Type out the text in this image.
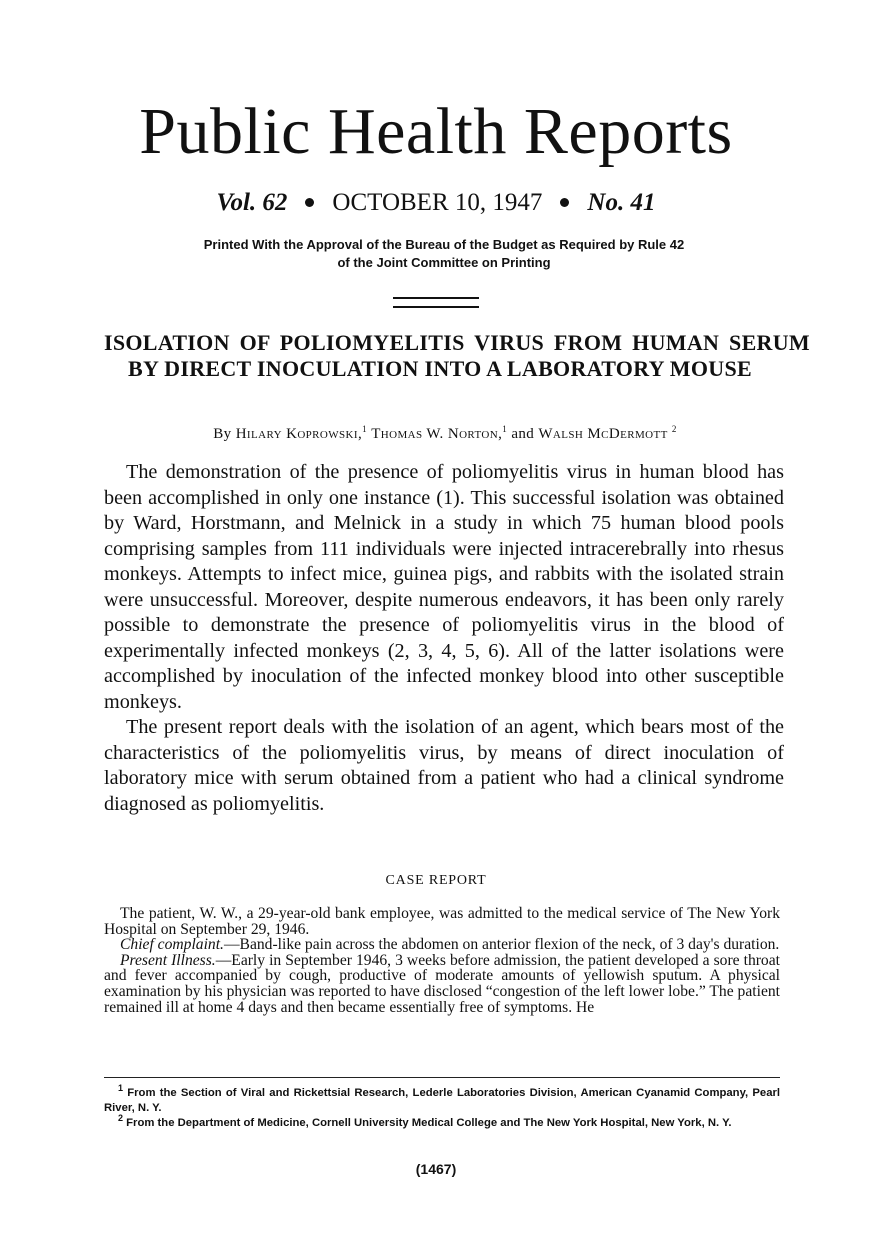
Public Health Reports
Vol. 62 OCTOBER 10, 1947 No. 41
Printed With the Approval of the Bureau of the Budget as Required by Rule 42
of the Joint Committee on Printing
ISOLATION OF POLIOMYELITIS VIRUS FROM HUMAN SERUM BY DIRECT INOCULATION INTO A LABORATORY MOUSE
By Hilary Koprowski,$^1$ Thomas W. Norton,$^1$ and Walsh McDermott $^2$

The demonstration of the presence of poliomyelitis virus in human blood has been accomplished in only one instance (1). This successful isolation was obtained by Ward, Horstmann, and Melnick in a study in which 75 human blood pools comprising samples from 111 individuals were injected intracerebrally into rhesus monkeys. Attempts to infect mice, guinea pigs, and rabbits with the isolated strain were unsuccessful. Moreover, despite numerous endeavors, it has been only rarely possible to demonstrate the presence of poliomyelitis virus in the blood of experimentally infected monkeys (2, 3, 4, 5, 6). All of the latter isolations were accomplished by inoculation of the infected monkey blood into other susceptible monkeys.

The present report deals with the isolation of an agent, which bears most of the characteristics of the poliomyelitis virus, by means of direct inoculation of laboratory mice with serum obtained from a patient who had a clinical syndrome diagnosed as poliomyelitis.

CASE REPORT

The patient, W. W., a 29-year-old bank employee, was admitted to the medical service of The New York Hospital on September 29, 1946.

Chief complaint.—Band-like pain across the abdomen on anterior flexion of the neck, of 3 day's duration.

Present Illness.—Early in September 1946, 3 weeks before admission, the patient developed a sore throat and fever accompanied by cough, productive of moderate amounts of yellowish sputum. A physical examination by his physician was reported to have disclosed “congestion of the left lower lobe.” The patient remained ill at home 4 days and then became essentially free of symptoms. He

$^1$ From the Section of Viral and Rickettsial Research, Lederle Laboratories Division, American Cyanamid Company, Pearl River, N. Y.

$^2$ From the Department of Medicine, Cornell University Medical College and The New York Hospital, New York, N. Y.

(1467)
